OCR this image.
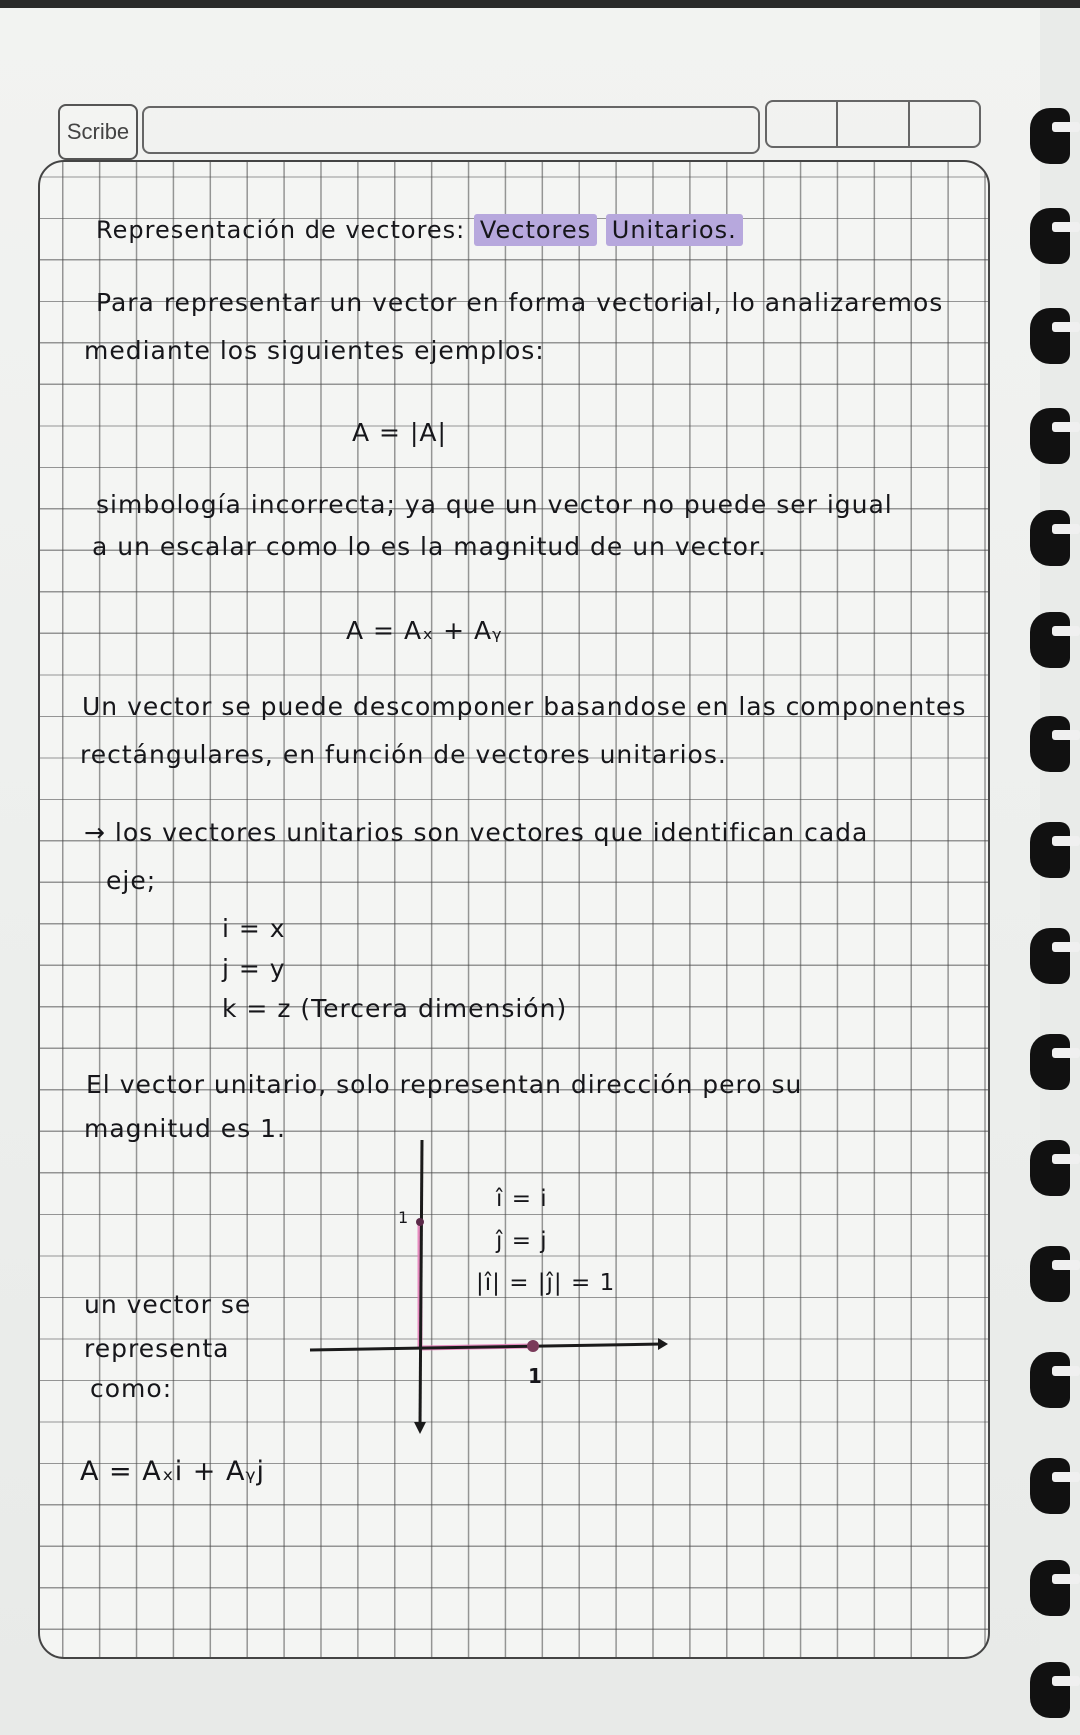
Scribe
Representación de vectores: Vectores Unitarios.
Para representar un vector en forma vectorial, lo analizaremos
mediante los siguientes ejemplos:
A = |A|
simbología incorrecta; ya que un vector no puede ser igual
a un escalar como lo es la magnitud de un vector.
A = Aₓ + Aᵧ
Un vector se puede descomponer basandose en las componentes
rectángulares, en función de vectores unitarios.
→ los vectores unitarios son vectores que identifican cada
eje;
i = x
j = y
k = z (Tercera dimensión)
El vector unitario, solo representan dirección pero su
magnitud es 1.
un vector se
representa
como:
A = Aₓi + Aᵧj
1
1
î = i
ĵ = j
|î| = |ĵ| = 1
